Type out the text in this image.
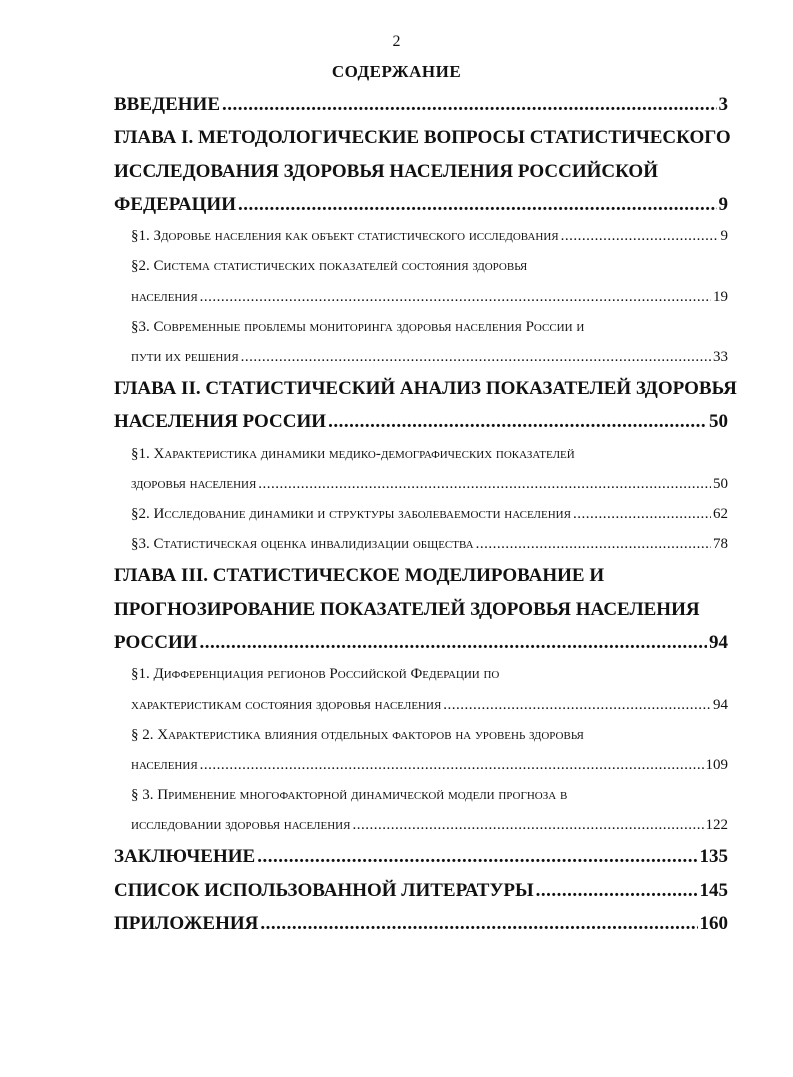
2
СОДЕРЖАНИЕ
ВВЕДЕНИЕ .....	3
ГЛАВА I. МЕТОДОЛОГИЧЕСКИЕ ВОПРОСЫ СТАТИСТИЧЕСКОГО
ИССЛЕДОВАНИЯ ЗДОРОВЬЯ НАСЕЛЕНИЯ РОССИЙСКОЙ
ФЕДЕРАЦИИ .....	9
§1. Здоровье населения как объект статистического исследования .....	9
§2. Система статистических показателей состояния здоровья
населения .....	19
§3. Современные проблемы мониторинга здоровья населения России и
пути их решения .....	33
ГЛАВА II. СТАТИСТИЧЕСКИЙ АНАЛИЗ ПОКАЗАТЕЛЕЙ ЗДОРОВЬЯ
НАСЕЛЕНИЯ РОССИИ .....	50
§1. Характеристика динамики медико-демографических показателей
здоровья населения .....	50
§2. Исследование динамики и структуры заболеваемости населения .....	62
§3. Статистическая оценка инвалидизации общества .....	78
ГЛАВА III. СТАТИСТИЧЕСКОЕ МОДЕЛИРОВАНИЕ И
ПРОГНОЗИРОВАНИЕ ПОКАЗАТЕЛЕЙ ЗДОРОВЬЯ НАСЕЛЕНИЯ
РОССИИ .....	94
§1. Дифференциация регионов Российской Федерации по
характеристикам состояния здоровья населения .....	94
§ 2. Характеристика влияния отдельных факторов на уровень здоровья
населения .....	109
§ 3. Применение многофакторной динамической модели прогноза в
исследовании здоровья населения .....	122
ЗАКЛЮЧЕНИЕ .....	135
СПИСОК ИСПОЛЬЗОВАННОЙ ЛИТЕРАТУРЫ .....	145
ПРИЛОЖЕНИЯ .....	160
